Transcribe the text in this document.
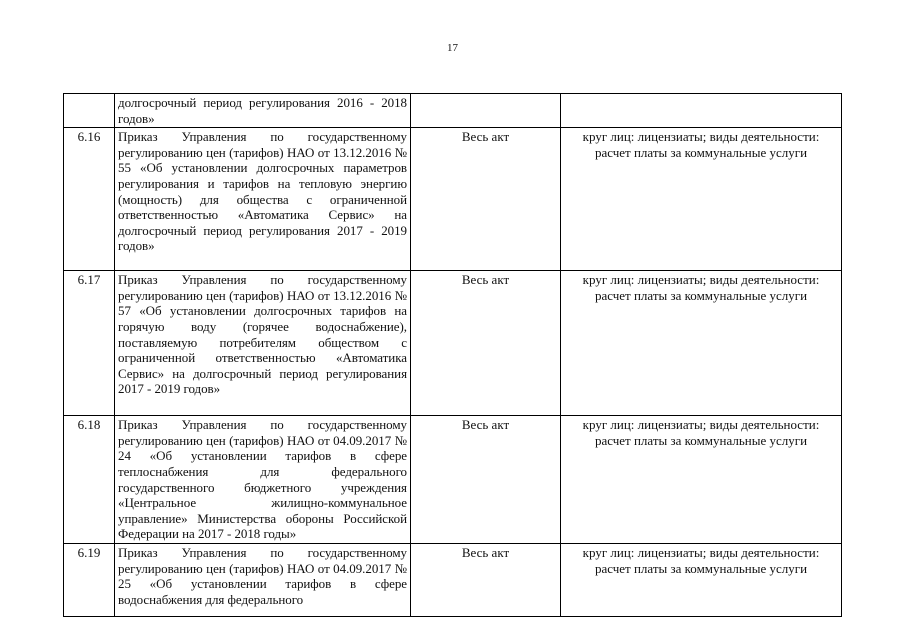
17
	долгосрочный период регулирования 2016 - 2018 годов»		
6.16	Приказ Управления по государственному регулированию цен (тарифов) НАО от 13.12.2016 № 55 «Об установлении долгосрочных параметров регулирования и тарифов на тепловую энергию (мощность) для общества с ограниченной ответственностью «Автоматика Сервис» на долгосрочный период регулирования 2017 - 2019 годов»	Весь акт	круг лиц: лицензиаты; виды деятельности: расчет платы за коммунальные услуги
6.17	Приказ Управления по государственному регулированию цен (тарифов) НАО от 13.12.2016 № 57 «Об установлении долгосрочных тарифов на горячую воду (горячее водоснабжение), поставляемую потребителям обществом с ограниченной ответственностью «Автоматика Сервис» на долгосрочный период регулирования 2017 - 2019 годов»	Весь акт	круг лиц: лицензиаты; виды деятельности: расчет платы за коммунальные услуги
6.18	Приказ Управления по государственному регулированию цен (тарифов) НАО от 04.09.2017 № 24 «Об установлении тарифов в сфере теплоснабжения для федерального государственного бюджетного учреждения «Центральное жилищно-коммунальное управление» Министерства обороны Российской Федерации на 2017 - 2018 годы»	Весь акт	круг лиц: лицензиаты; виды деятельности: расчет платы за коммунальные услуги
6.19	Приказ Управления по государственному регулированию цен (тарифов) НАО от 04.09.2017 № 25 «Об установлении тарифов в сфере водоснабжения для федерального	Весь акт	круг лиц: лицензиаты; виды деятельности: расчет платы за коммунальные услуги
